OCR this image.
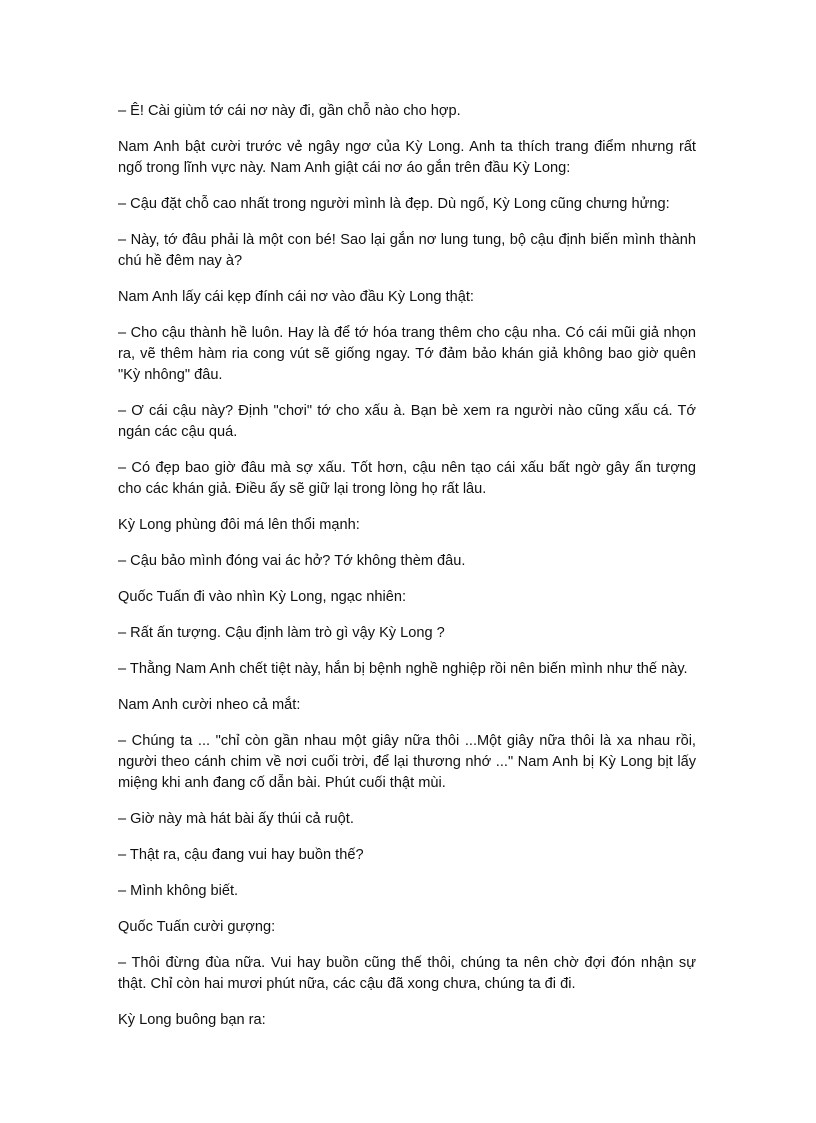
– Ê! Cài giùm tớ cái nơ này đi, gần chỗ nào cho hợp.

Nam Anh bật cười trước vẻ ngây ngơ của Kỳ Long. Anh ta thích trang điểm nhưng rất ngố trong lĩnh vực này. Nam Anh giật cái nơ áo gắn trên đầu Kỳ Long:

– Cậu đặt chỗ cao nhất trong người mình là đẹp. Dù ngố, Kỳ Long cũng chưng hửng:

– Này, tớ đâu phải là một con bé! Sao lại gắn nơ lung tung, bộ cậu định biến mình thành chú hề đêm nay à?

Nam Anh lấy cái kẹp đính cái nơ vào đầu Kỳ Long thật:

– Cho cậu thành hề luôn. Hay là để tớ hóa trang thêm cho cậu nha. Có cái mũi giả nhọn ra, vẽ thêm hàm ria cong vút sẽ giống ngay. Tớ đảm bảo khán giả không bao giờ quên "Kỳ nhông" đâu.

– Ơ cái cậu này? Định "chơi" tớ cho xấu à. Bạn bè xem ra người nào cũng xấu cá. Tớ ngán các cậu quá.

– Có đẹp bao giờ đâu mà sợ xấu. Tốt hơn, cậu nên tạo cái xấu bất ngờ gây ấn tượng cho các khán giả. Điều ấy sẽ giữ lại trong lòng họ rất lâu.

Kỳ Long phùng đôi má lên thổi mạnh:

– Cậu bảo mình đóng vai ác hở? Tớ không thèm đâu.

Quốc Tuấn đi vào nhìn Kỳ Long, ngạc nhiên:

– Rất ấn tượng. Cậu định làm trò gì vậy Kỳ Long ?

– Thằng Nam Anh chết tiệt này, hắn bị bệnh nghề nghiệp rồi nên biến mình như thế này.

Nam Anh cười nheo cả mắt:

– Chúng ta ... "chỉ còn gần nhau một giây nữa thôi ...Một giây nữa thôi là xa nhau rồi, người theo cánh chim về nơi cuối trời, để lại thương nhớ ..." Nam Anh bị Kỳ Long bịt lấy miệng khi anh đang cố dẫn bài. Phút cuối thật mùi.

– Giờ này mà hát bài ấy thúi cả ruột.

– Thật ra, cậu đang vui hay buồn thế?

– Mình không biết.

Quốc Tuấn cười gượng:

– Thôi đừng đùa nữa. Vui hay buồn cũng thế thôi, chúng ta nên chờ đợi đón nhận sự thật. Chỉ còn hai mươi phút nữa, các cậu đã xong chưa, chúng ta đi đi.

Kỳ Long buông bạn ra:
